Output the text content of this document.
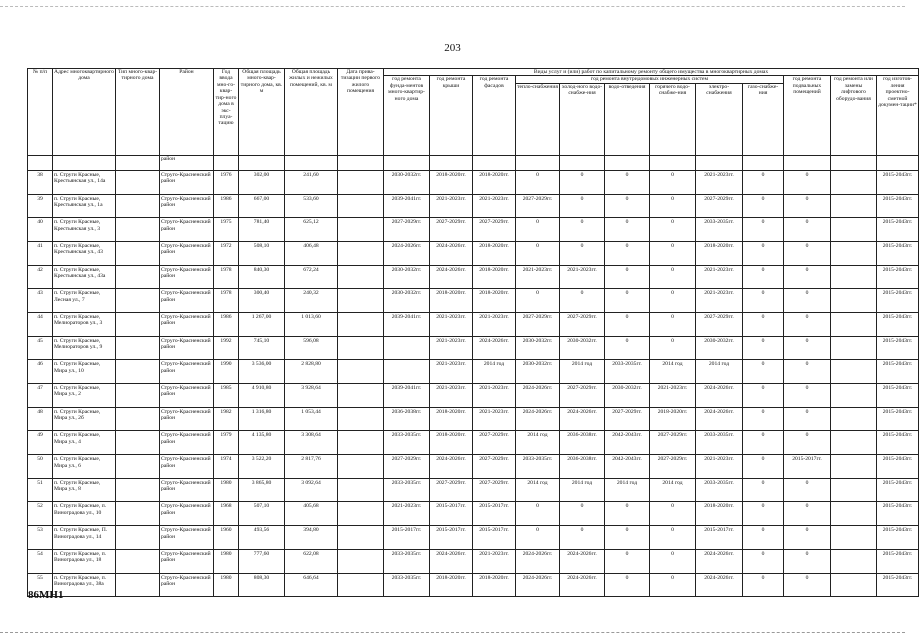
203
№ п/п	Адрес многоквартирного дома	Тип много-квар-тирного дома	Район	Год ввода мно-го-квар-тир-ного дома в экс-плуа-тацию	Общая площадь много-квар-тирного дома, кв. м	Общая площадь жилых и нежилых помещений, кв. м	Дата прива-тизации первого жилого помещения	Виды услуг и (или) работ по капитальному ремонту общего имущества в многоквартирных домах											
								год ремонта фунда-ментов много-квартир-ного дома	год ремонта крыши	год ремонта фасадов	год ремонта внутридомовых инженерных систем						год ремонта подвальных помещений	год ремонта или замены лифтового оборудо-вания	год изготов-ления проектно-сметной докумен-тации*
											тепло-снабжения	холод-ного водо-снабже-ния	водо-отведения	горячего водо-снабже-ния	электро-снабжения	газо-снабже-ния			
			район																
38	п. Струги Красные, Крестьянская ул., 14а		Струго-Красненский район	1976	302,00	241,60		2030-2032гг.	2018-2020гг.	2018-2020гг.	0	0	0	0	2021-2023гг.	0	0		2015-2043гг.
39	п. Струги Красные, Крестьянская ул., 1а		Струго-Красненский район	1986	667,00	533,60		2039-2041гг.	2021-2023гг.	2021-2023гг.	2027-2029гг.	0	0	0	2027-2029гг.	0	0		2015-2043гг.
40	п. Струги Красные, Крестьянская ул., 3		Струго-Красненский район	1975	781,40	625,12		2027-2029гг.	2027-2029гг.	2027-2029гг.	0	0	0	0	2033-2035гг.	0	0		2015-2043гг.
41	п. Струги Красные, Крестьянская ул., 43		Струго-Красненский район	1972	508,10	406,48		2024-2026гг.	2024-2026гг.	2018-2020гг.	0	0	0	0	2018-2020гг.	0	0		2015-2043гг.
42	п. Струги Красные, Крестьянская ул., 43а		Струго-Красненский район	1978	840,30	672,24		2030-2032гг.	2024-2026гг.	2018-2020гг.	2021-2023гг.	2021-2023гг.	0	0	2021-2023гг.	0	0		2015-2043гг.
43	п. Струги Красные, Лесная ул., 7		Струго-Красненский район	1978	300,40	240,32		2030-2032гг.	2018-2020гг.	2018-2020гг.	0	0	0	0	2021-2023гг.	0	0		2015-2043гг.
44	п. Струги Красные, Мелиораторов ул., 3		Струго-Красненский район	1986	1 267,00	1 013,60		2039-2041гг.	2021-2023гг.	2021-2023гг.	2027-2029гг.	2027-2029гг.	0	0	2027-2029гг.	0	0		2015-2043гг.
45	п. Струги Красные, Мелиораторов ул., 9		Струго-Красненский район	1992	745,10	596,08			2021-2023гг.	2024-2026гг.	2030-2032гг.	2030-2032гг.	0	0	2030-2032гг.	0	0		2015-2043гг.
46	п. Струги Красные, Мира ул., 10		Струго-Красненский район	1990	3 536,00	2 828,80			2021-2023гг.	2014 год	2030-2032гг.	2014 год	2033-2035гг.	2014 год	2014 год	0	0		2015-2043гг.
47	п. Струги Красные, Мира ул., 2		Струго-Красненский район	1985	4 910,80	3 928,64		2039-2041гг.	2021-2023гг.	2021-2023гг.	2024-2026гг.	2027-2029гг.	2030-2032гг.	2021-2023гг.	2024-2026гг.	0	0		2015-2043гг.
48	п. Струги Красные, Мира ул., 2б		Струго-Красненский район	1982	1 316,80	1 053,44		2036-2038гг.	2018-2020гг.	2021-2023гг.	2024-2026гг.	2024-2026гг.	2027-2029гг.	2018-2020гг.	2024-2026гг.	0	0		2015-2043гг.
49	п. Струги Красные, Мира ул., 4		Струго-Красненский район	1979	4 135,80	3 308,64		2033-2035гг.	2018-2020гг.	2027-2029гг.	2014 год	2036-2038гг.	2042-2043гг.	2027-2029гг.	2033-2035гг.	0	0		2015-2043гг.
50	п. Струги Красные, Мира ул., 6		Струго-Красненский район	1974	3 522,20	2 817,76		2027-2029гг.	2024-2026гг.	2027-2029гг.	2033-2035гг.	2036-2038гг.	2042-2043гг.	2027-2029гг.	2021-2023гг.	0	2015-2017гг.		2015-2043гг.
51	п. Струги Красные, Мира ул., 8		Струго-Красненский район	1980	3 865,80	3 092,64		2033-2035гг.	2027-2029гг.	2027-2029гг.	2014 год	2014 год	2014 год	2014 год	2033-2035гг.	0	0		2015-2043гг.
52	п. Струги Красные, п. Виноградова ул., 10		Струго-Красненский район	1968	507,10	405,68		2021-2023гг.	2015-2017гг.	2015-2017гг.	0	0	0	0	2018-2020гг.	0	0		2015-2043гг.
53	п. Струги Красные, П. Виноградова ул., 14		Струго-Красненский район	1960	493,56	394,80		2015-2017гг.	2015-2017гг.	2015-2017гг.	0	0	0	0	2015-2017гг.	0	0		2015-2043гг.
54	п. Струги Красные, п. Виноградова ул., 18		Струго-Красненский район	1980	777,60	622,08		2033-2035гг.	2024-2026гг.	2021-2023гг.	2024-2026гг.	2024-2026гг.	0	0	2024-2026гг.	0	0		2015-2043гг.
55	п. Струги Красные, п. Виноградова ул., 38а		Струго-Красненский район	1980	808,30	646,64		2033-2035гг.	2018-2020гг.	2018-2020гг.	2024-2026гг.	2024-2026гг.	0	0	2024-2026гг.	0	0		2015-2043гг.
86MH1
